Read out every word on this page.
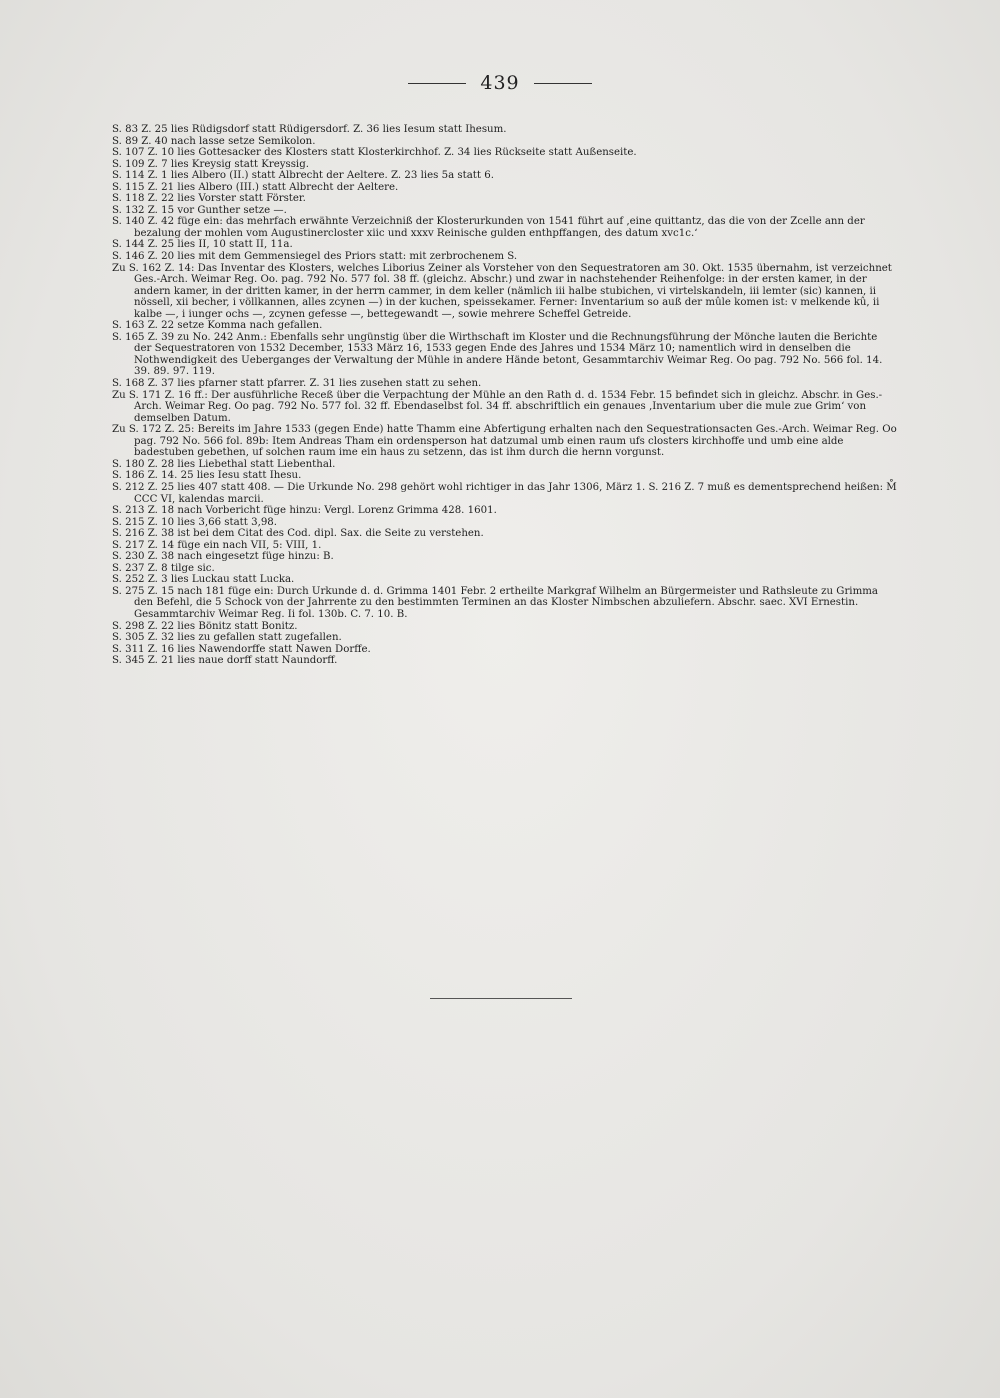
439

S. 83 Z. 25 lies Rüdigsdorf statt Rüdigersdorf. Z. 36 lies Iesum statt Ihesum.

S. 89 Z. 40 nach lasse setze Semikolon.

S. 107 Z. 10 lies Gottesacker des Klosters statt Klosterkirchhof. Z. 34 lies Rückseite statt Außenseite.

S. 109 Z. 7 lies Kreysig statt Kreyssig.

S. 114 Z. 1 lies Albero (II.) statt Albrecht der Aeltere. Z. 23 lies 5a statt 6.

S. 115 Z. 21 lies Albero (III.) statt Albrecht der Aeltere.

S. 118 Z. 22 lies Vorster statt Förster.

S. 132 Z. 15 vor Gunther setze —.

S. 140 Z. 42 füge ein: das mehrfach erwähnte Verzeichniß der Klosterurkunden von 1541 führt auf ‚eine quittantz, das die von der Zcelle ann der bezalung der mohlen vom Augustinercloster xiic und xxxv Reinische gulden enthpffangen, des datum xvc1c.‘

S. 144 Z. 25 lies II, 10 statt II, 11a.

S. 146 Z. 20 lies mit dem Gemmensiegel des Priors statt: mit zerbrochenem S.

Zu S. 162 Z. 14: Das Inventar des Klosters, welches Liborius Zeiner als Vorsteher von den Sequestratoren am 30. Okt. 1535 übernahm, ist verzeichnet Ges.-Arch. Weimar Reg. Oo. pag. 792 No. 577 fol. 38 ff. (gleichz. Abschr.) und zwar in nachstehender Reihenfolge: in der ersten kamer, in der andern kamer, in der dritten kamer, in der herrn cammer, in dem keller (nämlich iii halbe stubichen, vi virtelskandeln, iii lemter (sic) kannen, ii nössell, xii becher, i völlkannen, alles zcynen —) in der kuchen, speissekamer. Ferner: Inventarium so auß der mûle komen ist: v melkende kû, ii kalbe —, i iunger ochs —, zcynen gefesse —, bettegewandt —, sowie mehrere Scheffel Getreide.

S. 163 Z. 22 setze Komma nach gefallen.

S. 165 Z. 39 zu No. 242 Anm.: Ebenfalls sehr ungünstig über die Wirthschaft im Kloster und die Rechnungsführung der Mönche lauten die Berichte der Sequestratoren von 1532 December, 1533 März 16, 1533 gegen Ende des Jahres und 1534 März 10; namentlich wird in denselben die Nothwendigkeit des Ueberganges der Verwaltung der Mühle in andere Hände betont, Gesammtarchiv Weimar Reg. Oo pag. 792 No. 566 fol. 14. 39. 89. 97. 119.

S. 168 Z. 37 lies pfarner statt pfarrer. Z. 31 lies zusehen statt zu sehen.

Zu S. 171 Z. 16 ff.: Der ausführliche Receß über die Verpachtung der Mühle an den Rath d. d. 1534 Febr. 15 befindet sich in gleichz. Abschr. in Ges.-Arch. Weimar Reg. Oo pag. 792 No. 577 fol. 32 ff. Ebendaselbst fol. 34 ff. abschriftlich ein genaues ‚Inventarium uber die mule zue Grim‘ von demselben Datum.

Zu S. 172 Z. 25: Bereits im Jahre 1533 (gegen Ende) hatte Thamm eine Abfertigung erhalten nach den Sequestrationsacten Ges.-Arch. Weimar Reg. Oo pag. 792 No. 566 fol. 89b: Item Andreas Tham ein ordensperson hat datzumal umb einen raum ufs closters kirchhoffe und umb eine alde badestuben gebethen, uf solchen raum ime ein haus zu setzenn, das ist ihm durch die hernn vorgunst.

S. 180 Z. 28 lies Liebethal statt Liebenthal.

S. 186 Z. 14. 25 lies Iesu statt Ihesu.

S. 212 Z. 25 lies 407 statt 408. — Die Urkunde No. 298 gehört wohl richtiger in das Jahr 1306, März 1. S. 216 Z. 7 muß es dementsprechend heißen: M̊ CCC VI, kalendas marcii.

S. 213 Z. 18 nach Vorbericht füge hinzu: Vergl. Lorenz Grimma 428. 1601.

S. 215 Z. 10 lies 3,66 statt 3,98.

S. 216 Z. 38 ist bei dem Citat des Cod. dipl. Sax. die Seite zu verstehen.

S. 217 Z. 14 füge ein nach VII, 5: VIII, 1.

S. 230 Z. 38 nach eingesetzt füge hinzu: B.

S. 237 Z. 8 tilge sic.

S. 252 Z. 3 lies Luckau statt Lucka.

S. 275 Z. 15 nach 181 füge ein: Durch Urkunde d. d. Grimma 1401 Febr. 2 ertheilte Markgraf Wilhelm an Bürgermeister und Rathsleute zu Grimma den Befehl, die 5 Schock von der Jahrrente zu den bestimmten Terminen an das Kloster Nimbschen abzuliefern. Abschr. saec. XVI Ernestin. Gesammtarchiv Weimar Reg. Ii fol. 130b. C. 7. 10. B.

S. 298 Z. 22 lies Bönitz statt Bonitz.

S. 305 Z. 32 lies zu gefallen statt zugefallen.

S. 311 Z. 16 lies Nawendorffe statt Nawen Dorffe.

S. 345 Z. 21 lies naue dorff statt Naundorff.
